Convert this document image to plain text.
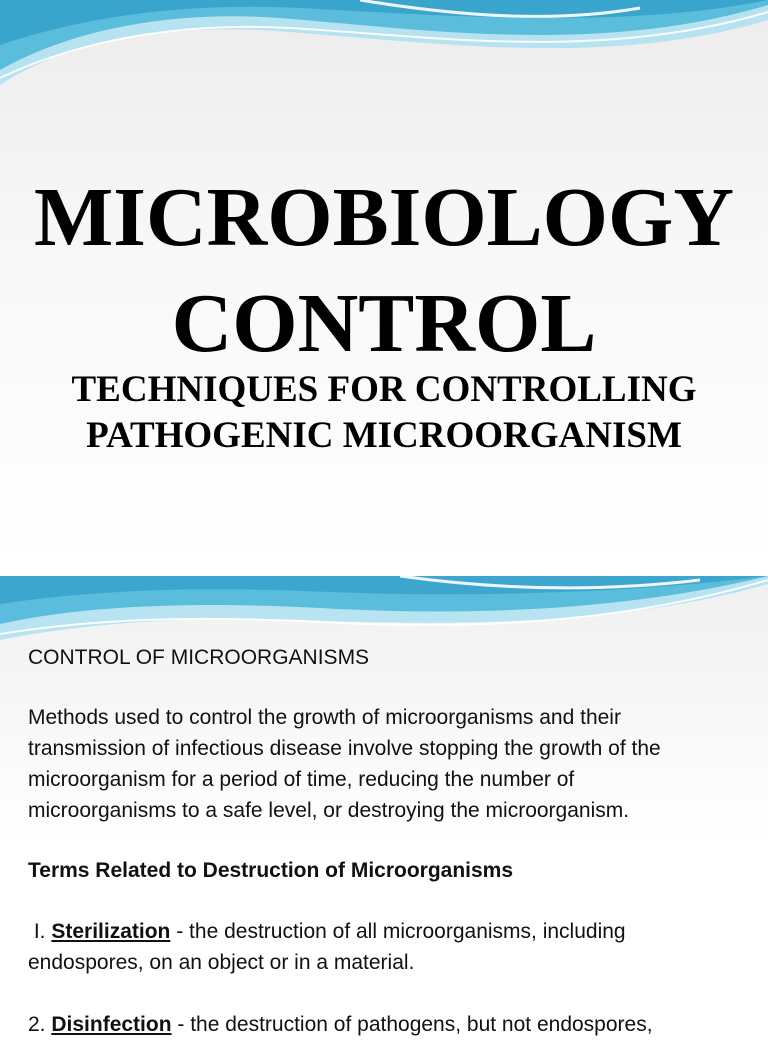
MICROBIOLOGY
CONTROL
TECHNIQUES FOR CONTROLLING
PATHOGENIC MICROORGANISM

CONTROL OF MICROORGANISMS

Methods used to control the growth of microorganisms and their
transmission of infectious disease involve stopping the growth of the
microorganism for a period of time, reducing the number of
microorganisms to a safe level, or destroying the microorganism.

Terms Related to Destruction of Microorganisms

I. Sterilization - the destruction of all microorganisms, including
endospores, on an object or in a material.

2. Disinfection - the destruction of pathogens, but not endospores,
